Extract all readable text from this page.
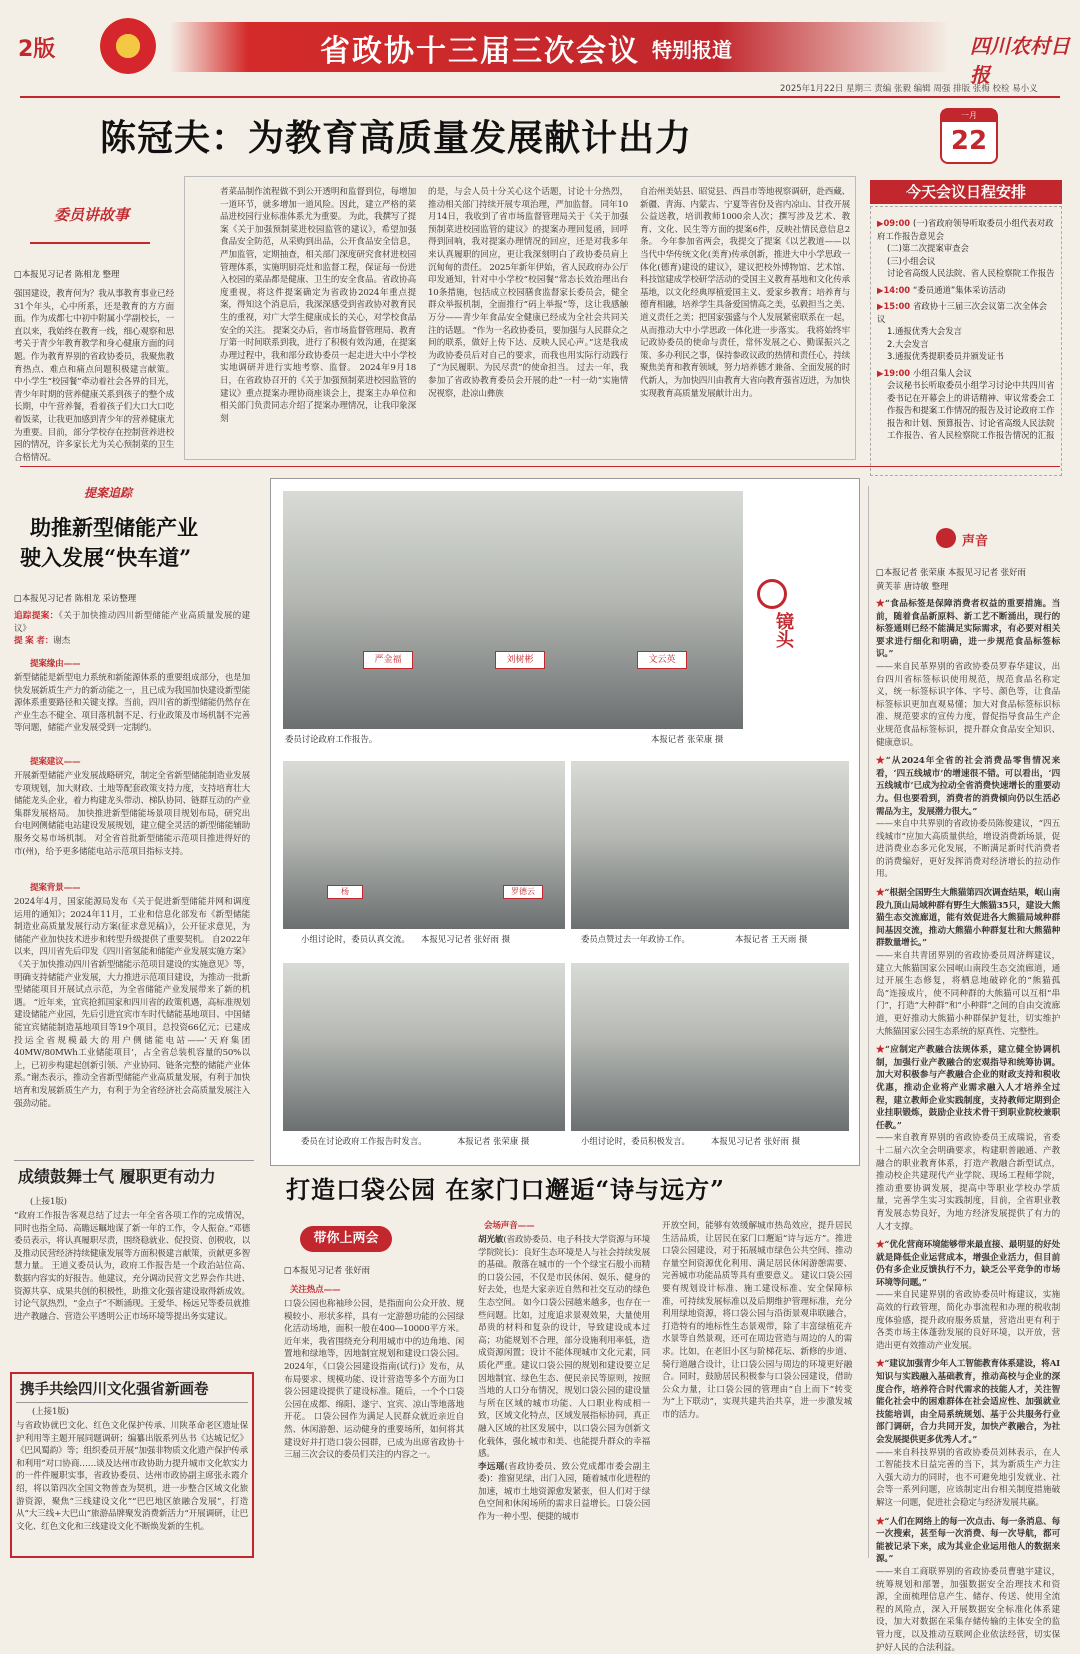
2版	省政协十三届三次会议 特别报道	四川农村日报
2025年1月22日 星期三 责编 张毅 编辑 周强 排版 张梅 校检 易小义
陈冠夫：为教育高质量发展献计出力
一月
22
今天会议日程安排
▶09:00 (一)省政府领导听取委员小组代表对政府工作报告意见会
(二)第二次提案审查会
(三)小组会议
讨论省高级人民法院、省人民检察院工作报告
▶14:00 “委员通道”集体采访活动
▶15:00 省政协十三届三次会议第二次全体会议
1.通报优秀大会发言
2.大会发言
3.通报优秀提职委员并颁发证书
▶19:00 小组召集人会议
会议秘书长听取委员小组学习讨论中共四川省委书记在开幕会上的讲话精神、审议常委会工作报告和提案工作情况的报告及讨论政府工作报告和计划、预算报告、讨论省高级人民法院工作报告、省人民检察院工作报告情况的汇报
委员讲故事
□本报见习记者 陈相龙 整理
强国建设，教育何为？我从事教育事业已经31个年头，心中所系，还是教育的方方面面。作为成都七中初中附属小学副校长，一直以来，我始终在教育一线，细心观察和思考关于青少年教育教学和身心健康方面的问题。作为教育界别的省政协委员，我聚焦教育热点、难点和痛点问题积极建言献策。 中小学生“校园餐”牵动着社会各界的目光，青少年时期的营养健康关系到孩子的整个成长期，中午营养餐，看着孩子们大口大口吃着饭菜，让我更加感到青少年的营养健康尤为重要。目前，部分学校存在控制营养进校园的情况，许多家长尤为关心预制菜的卫生合格情况。
者菜品制作流程做不到公开透明和监督到位，每增加一道环节，就多增加一道风险。因此，建立严格的菜品进校园行业标准体系尤为重要。 为此，我撰写了提案《关于加强预制菜进校园监管的建议》，希望加强食品安全防范，从采购到出品，公开食品安全信息，严加监管，定期抽查，相关部门深度研究食材进校园管理体系，实施明厨亮灶和监督工程，保证每一份进入校园的菜品都是健康、卫生的安全食品。省政协高度重视，将这件提案确定为省政协2024年重点提案，得知这个消息后，我深深感受到省政协对教育民生的重视，对广大学生健康成长的关心，对学校食品安全的关注。 提案交办后，省市场监督管理局、教育厅第一时间联系到我，进行了积极有效沟通，在提案办理过程中，我和部分政协委员一起走进大中小学校实地调研并进行实地考察、监督。 2024年9月18日，在省政协召开的《关于加强预制菜进校园监管的建议》重点提案办理协商座谈会上，提案主办单位和相关部门负责同志介绍了提案办理情况，让我印象深刻
的是，与会人员十分关心这个话题，讨论十分热烈，推动相关部门持续开展专项治理，严加监督。 同年10月14日，我收到了省市场监督管理局关于《关于加强预制菜进校园监管的建议》的提案办理回复函，回呼得到回响，我对提案办理情况的回应，还是对我多年来认真履职的回应，更让我深刻明白了政协委员肩上沉甸甸的责任。 2025年新年伊始，省人民政府办公厅印发通知，针对中小学校“校园餐”常态长效治理出台10条措施，包括成立校园膳食监督家长委员会，健全群众举报机制，全面推行“码上举报”等，这让我感触万分——青少年食品安全健康已经成为全社会共同关注的话题。 “作为一名政协委员，要加强与人民群众之间的联系，做好上传下达、反映人民心声。”这是我成为政协委员后对自己的要求，而我也用实际行动践行了“为民履职、为民尽责”的使命担当。 过去一年，我参加了省政协教育委员会开展的赴“一村一幼”实施情况视察，赴凉山彝族
自治州美姑县、昭觉县、西昌市等地视察调研，赴西藏、新疆、青海、内蒙古、宁夏等省份及省内凉山、甘孜开展公益送教，培训教师1000余人次；撰写涉及艺术、教育、文化、民生等方面的提案6件，反映社情民意信息2条。 今年参加省两会，我提交了提案《以艺教道——以当代中华传统文化(美育)传承创新，推进大中小学思政一体化(德育)建设的建议》，建议把校外博物馆、艺术馆、科技馆建成学校研学活动的受国主义教育基地和文化传承基地，以文化经典厚植爱国主义、爱家乡教育；培养育与德育相融，培养学生具备爱国情高之美，弘毅担当之美、道义责任之美；把国家强盛与个人发展紧密联系在一起，从而推动大中小学思政一体化进一步落实。 我将始终牢记政协委员的使命与责任，常怀发展之心、勤谋振兴之策、多办利民之事，保持参政议政的热情和责任心，持续聚焦美育和教育领域，努力培养德才兼备、全面发展的时代新人，为加快四川由教育大省向教育强省迈进，为加快实现教育高质量发展献计出力。
提案追踪
助推新型储能产业
驶入发展“快车道”
□本报见习记者 陈相龙 采访整理
追踪提案：《关于加快推动四川新型储能产业高质量发展的建议》
提 案 者：谢杰
提案缘由——
新型储能是新型电力系统和新能源体系的重要组成部分，也是加快发展新质生产力的新动能之一，且已成为我国加快建设新型能源体系重要路径和关键支撑。当前，四川省的新型储能仍然存在产业生态不健全、项目落机制不足、行业政策及市场机制不完善等问题，储能产业发展受到一定制约。
提案建议——
开展新型储能产业发展战略研究，制定全省新型储能制造业发展专项规划，加大财政、土地等配套政策支持力度，支持培育壮大储能龙头企业，着力构建龙头带动、梯队协同、链群互动的产业集群发展格局。 加快推进新型储能场景项目规划布局，研究出台电网侧储能电站建设发展规划，建立健全灵活的新型储能辅助服务交易市场机制。 对全省首批新型储能示范项目推进得好的市(州)，给予更多储能电站示范项目指标支持。
提案背景——
2024年4月，国家能源局发布《关于促进新型储能并网和调度运用的通知》；2024年11月，工业和信息化部发布《新型储能制造业高质量发展行动方案(征求意见稿)》，公开征求意见，为储能产业加快技术进步和转型升级提供了重要契机。 自2022年以来，四川省先后印发《四川省氢能和储能产业发展实施方案》《关于加快推动四川省新型储能示范项目建设的实施意见》等，明确支持储能产业发展，大力推进示范项目建设，为推动一批新型储能项目开展试点示范，为全省储能产业发展带来了新的机遇。 “近年来，宜宾抢抓国家和四川省的政策机遇，高标准规划建设储能产业园，先后引进宜宾市车时代储能基地项目、中国储能宜宾储能制造基地项目等19个项目，总投资66亿元；已建成投运全省规模最大的用户侧储能电站——‘天府集团40MW/80MWh工业储能项目’，占全省总装机容量的50%以上，已初步构建起创新引领、产业协同、链条完整的储能产业体系。”谢杰表示，推动全省新型储能产业高质量发展，有利于加快培育和发展新质生产力，有利于为全省经济社会高质量发展注入强劲动能。
成绩鼓舞士气 履职更有动力
(上接1版)
“政府工作报告客观总结了过去一年全省各项工作的完成情况，同时也指全局、高瞻远瞩地谋了新一年的工作，令人振奋。”邓德委员表示，将认真履职尽责，围绕稳就业、促投资、创税收，以及推动民营经济持续健康发展等方面积极建言献策，贡献更多智慧力量。 王道义委员认为，政府工作报告是一个政治站位高、数据内容实的好报告。他建议，充分调动民营文艺界会作共进、资源共享、成果共创的积极性，助推文化强省建设取得新成效。 讨论气氛热烈，“金点子”不断涌现。王爱华、杨远兄等委员就推进产教融合、营造公平透明公正市场环境等提出务实建议。
携手共绘四川文化强省新画卷
(上接1版)
与省政协就巴文化、红色文化保护传承、川陕革命老区遗址保护利用等主题开展同题调研；编纂出版系列丛书《达城记忆》《巴风蜀韵》等；组织委员开展“加强非物质文化遗产保护传承和利用”对口协商……谈及达州市政协助力提升城市文化软实力的一件件履职实事，省政协委员、达州市政协副主席张永霞介绍，将以第四次全国文物普查为契机，进一步整合区域文化旅游资源，聚焦“三线建设文化”“巴巴地区旅融合发展”，打造从“大三线+大巴山”旅游品牌聚发消费新活力“开展调研，让巴文化、红色文化和三线建设文化不断焕发新的生机。
严金福	刘树彬	文云英
委员讨论政府工作报告。	本报记者 张荣康 摄
杨	罗德云
小组讨论时，委员认真交流。 本报见习记者 张好雨 摄	委员点赞过去一年政协工作。	本报记者 王天雨 摄
委员在讨论政府工作报告时发言。	本报记者 张荣康 摄	小组讨论时，委员积极发言。	本报见习记者 张好雨 摄
镜头
打造口袋公园 在家门口邂逅“诗与远方”
带你上两会
□本报见习记者 张好雨
关注热点——
口袋公园也称袖珍公园，是指面向公众开放、规模较小、形状多样，具有一定游憩功能的公园绿化活动场地，面积一般在400—10000平方米。 近年来，我省围绕充分利用城市中的边角地、闲置地和绿地等，因地制宜规划和建设口袋公园。2024年，《口袋公园建设指南(试行)》发布，从布局要求、规模功能、设计营造等多个方面为口袋公园建设提供了建设标准。随后，一个个口袋公园在成都、绵阳、遂宁、宜宾、凉山等地落地开花。 口袋公园作为满足人民群众就近亲近自然、休闲游憩、运动健身的重要场所，如何将其建设好并打造口袋公园群，已成为出席省政协十三届三次会议的委员们关注的内容之一。
会场声音——
胡光敏(省政协委员、电子科技大学资源与环境学院院长)：良好生态环境是人与社会持续发展的基础。散落在城市的一个个绿宝石般小而精的口袋公园，不仅是市民休闲、娱乐、健身的好去处，也是大家亲近自然和社交互动的绿色生态空间。 如今口袋公园越来越多，也存在一些问题。比如，过度追求景观效果，大量使用昂贵的材料和复杂的设计，导致建设成本过高；功能规划不合理，部分设施利用率低，造成资源闲置；设计不能体现城市文化元素，同质化严重。建议口袋公园的规划和建设要立足因地制宜、绿色生态、便民亲民等原则，按照当地的人口分布情况，规划口袋公园的建设量与所在区域的城市功能、人口职业构成相一致，区域文化特点，区域发展指标协同，真正融入区域的社区发展中，以口袋公园为创新文化载体，强化城市和美、也能提升群众的幸福感。
李远瑶(省政协委员、致公党成都市委会副主委)：推窗见绿，出门入园，随着城市化进程的加速，城市土地资源愈发紧张，但人们对于绿色空间和休闲场所的需求日益增长。口袋公园作为一种小型、便捷的城市
开放空间，能够有效缓解城市热岛效应，提升居民生活品质，让居民在家门口邂逅“诗与远方”。推进口袋公园建设，对于拓展城市绿色公共空间、推动存量空间资源优化利用、满足居民休闲游憩需要、完善城市功能品质等具有重要意义。 建议口袋公园要有规划设计标准、施工建设标准、安全保障标准，可持续发展标准以及后期维护管理标准，充分利用绿地资源，将口袋公园与沿街景观串联融合，打造特有的地标性生态景观带，除了丰富绿植花卉水景等自然景观，还可在周边营造与周边的人的需求。比如，在老旧小区与阶梯花坛、新修的步道、骑行道融合设计，让口袋公园与周边的环境更好融合。同时，鼓励居民积极参与口袋公园建设，借助公众力量，让口袋公园的管理由“自上而下”转变为“上下联动”，实现共建共治共享，进一步激发城市的活力。
声音
□本报记者 张荣康 本报见习记者 张好雨
黄芙菲 唐诗敏 整理
★“食品标签是保障消费者权益的重要措施。当前，随着食品新原料、新工艺不断涌出，现行的标签通则已经不能满足实际需求，有必要对相关要求进行细化和明确，进一步规范食品标签标识。”
——来自民革界别的省政协委员罗春华建议，出台四川省标签标识使用规范，规范食品名称定义，统一标签标识字体、字号、颜色等，让食品标签标识更加直观易懂；加大对食品标签标识标准、规范要求的宣传力度，督促指导食品生产企业规范食品标签标识，提升群众食品安全知识、健康意识。
★“从2024年全省的社会消费品零售情况来看，‘四五线城市’的增速很不错。可以看出，‘四五线城市’已成为拉动全省消费快速增长的重要动力。但也要看到，消费者的消费倾向仍以生活必需品为主，发展潜力很大。”
——来自中共界别的省政协委员陈俊建议，“四五线城市”应加大高质量供给，增设消费新场景，促进消费业态多元化发展，不断满足新时代消费者的消费编好，更好发挥消费对经济增长的拉动作用。
★“根据全国野生大熊猫第四次调查结果，岷山南段九顶山局域种群有野生大熊猫35只，建设大熊猫生态交流廊道，能有效促进各大熊猫局域种群间基因交流，推动大熊猫小种群复壮和大熊猫种群数量增长。”
——来自共青团界别的省政协委员周济辉建议，建立大熊猫国家公园岷山南段生态交流廊道，通过开展生态修复，将栖息地破碎化的“熊猫孤岛”连接成片，使不同种群的大熊猫可以互相“串门”，打造“大种群”和“小种群”之间的自由交流廊道，更好推动大熊猫小种群保护复壮，切实维护大熊猫国家公园生态系统的原真性、完整性。
★“应制定产教融合法规体系，建立健全协调机制，加强行业产教融合的宏观指导和统筹协调。加大对积极参与产教融合企业的财政支持和税收优惠，推动企业将产业需求融入人才培养全过程，建立教师企业实践制度，支持教师定期到企业挂职锻炼，鼓励企业技术骨干到职业院校兼职任教。”
——来自教育界别的省政协委员王成瑞说，省委十二届六次全会明确要求，构建职普融通、产教融合的职业教育体系，打造产教融合新型试点，推动校企共建现代产业学院、现场工程师学院，推动重要协调发展，提高中等职业学校办学质量，完善学生实习实践制度，目前，全省职业教育发展态势良好，为地方经济发展提供了有力的人才支撑。
★“优化营商环境能够带来最直接、最明显的好处就是降低企业运营成本，增强企业活力，但目前仍有多企业反馈执行不力，缺乏公平竞争的市场环境等问题。”
——来自民建界别的省政协委员叶梅建议，实施高效的行政管理，简化办事流程和办理的税收制度体验感，提升政府服务质量，营造出更有利于各类市场主体蓬勃发展的良好环境，以开放，营造出更有效推动产业发展。
★“建议加强青少年人工智能教育体系建设，将AI知识与实践融入基础教育，推动高校与企业的深度合作，培养符合时代需求的技能人才，关注智能化社会中的困难群体在社会适应性、加强就业技能培训，由全局系统规划、基于公共服务行业部门调研，合力共同开发，加快产教融合，为社会发展提供更多优秀人才。”
——来自科技界别的省政协委员刘林表示，在人工智能技术日益完善的当下，其为新质生产力注入强大动力的同时，也不可避免地引发就业、社会等一系列问题，应该制定出台相关制度措施破解这一问题，促进社会稳定与经济发展共赢。
★“人们在网络上的每一次点击、每一条消息、每一次搜索，甚至每一次消费、每一次导航，都可能被记录下来，成为其业企业运用他人的数据来源。”
——来自工商联界别的省政协委员曹驰宇建议，统筹规划和部署，加强数据安全治理技术和资源，全面梳理信息产生、储存、传送、使用全流程的风险点，深入开展数据安全标准化体系建设，加大对数据在采集存储传输的主体安全的监管力度，以及推动互联网企业依法经营，切实保护好人民的合法利益。
